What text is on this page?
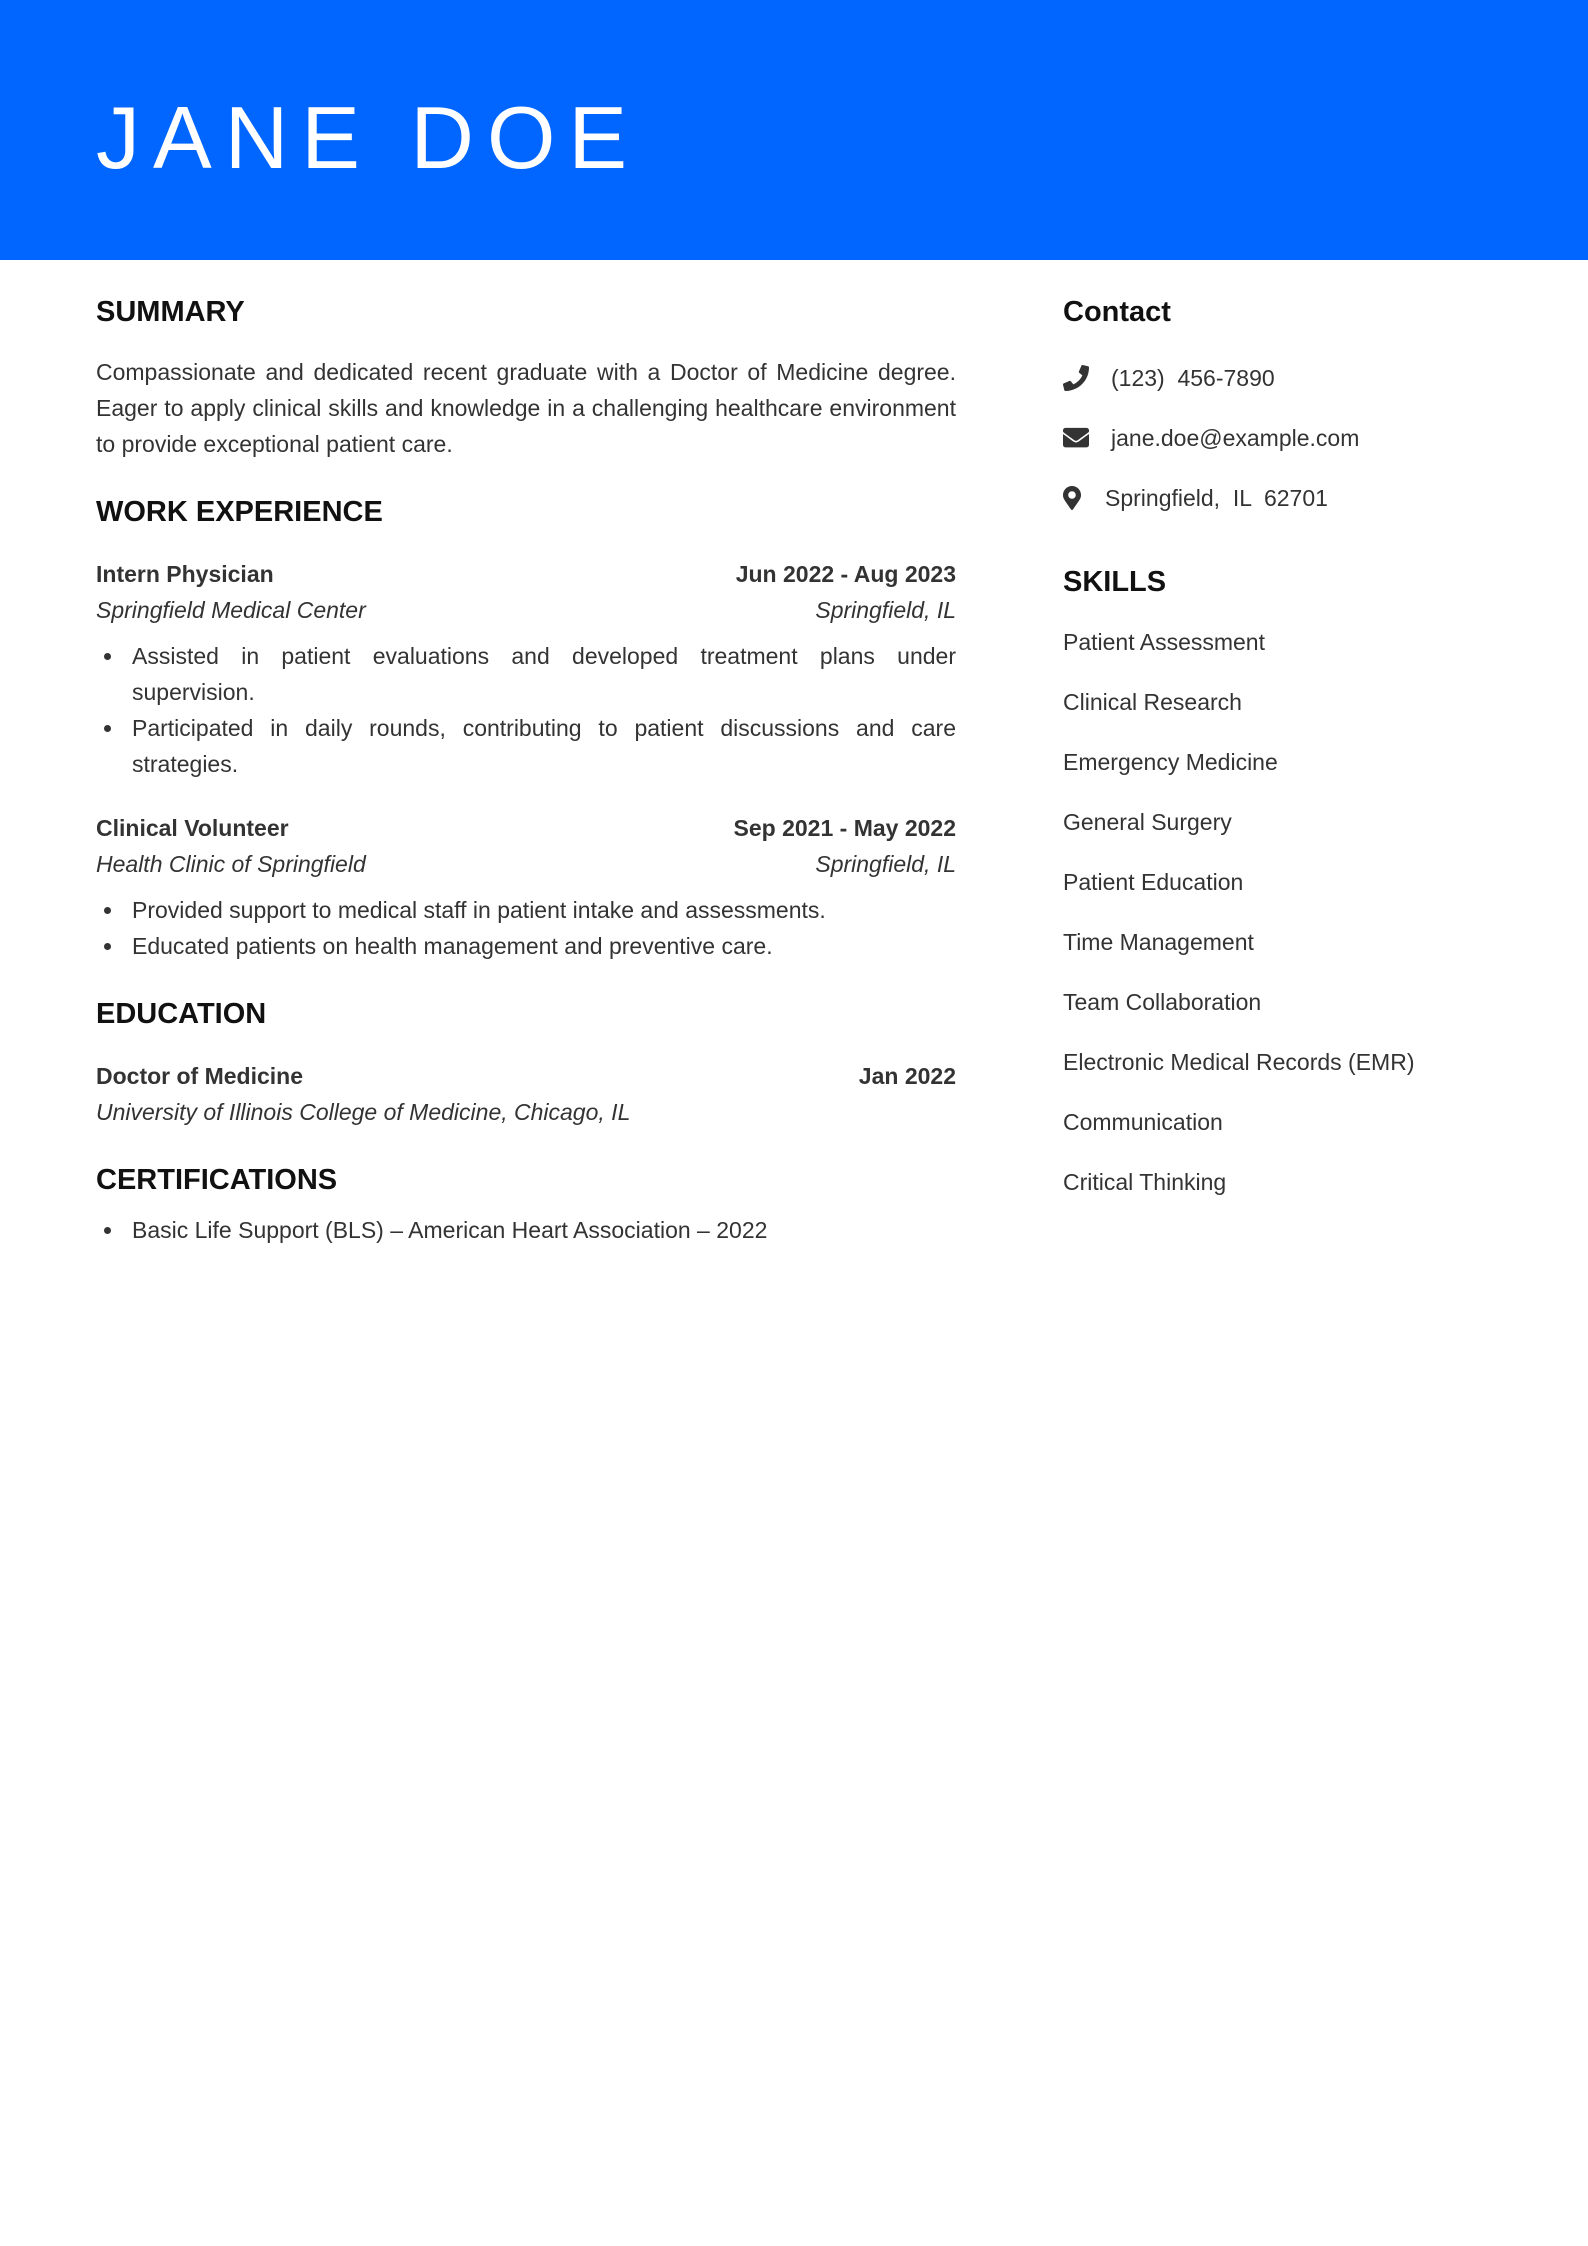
JANE DOE
SUMMARY

Compassionate and dedicated recent graduate with a Doctor of Medicine degree. Eager to apply clinical skills and knowledge in a challenging healthcare environment to provide exceptional patient care.

WORK EXPERIENCE
Intern Physician	Jun 2022 - Aug 2023
Springfield Medical Center	Springfield, IL
Assisted in patient evaluations and developed treatment plans under supervision.
Participated in daily rounds, contributing to patient discussions and care strategies.
Clinical Volunteer	Sep 2021 - May 2022
Health Clinic of Springfield	Springfield, IL
Provided support to medical staff in patient intake and assessments.
Educated patients on health management and preventive care.
EDUCATION
Doctor of Medicine	Jan 2022
University of Illinois College of Medicine, Chicago, IL
CERTIFICATIONS
Basic Life Support (BLS) – American Heart Association – 2022
Contact
(123)  456-7890
jane.doe@example.com
Springfield,  IL  62701
SKILLS
Patient Assessment
Clinical Research
Emergency Medicine
General Surgery
Patient Education
Time Management
Team Collaboration
Electronic Medical Records (EMR)
Communication
Critical Thinking
